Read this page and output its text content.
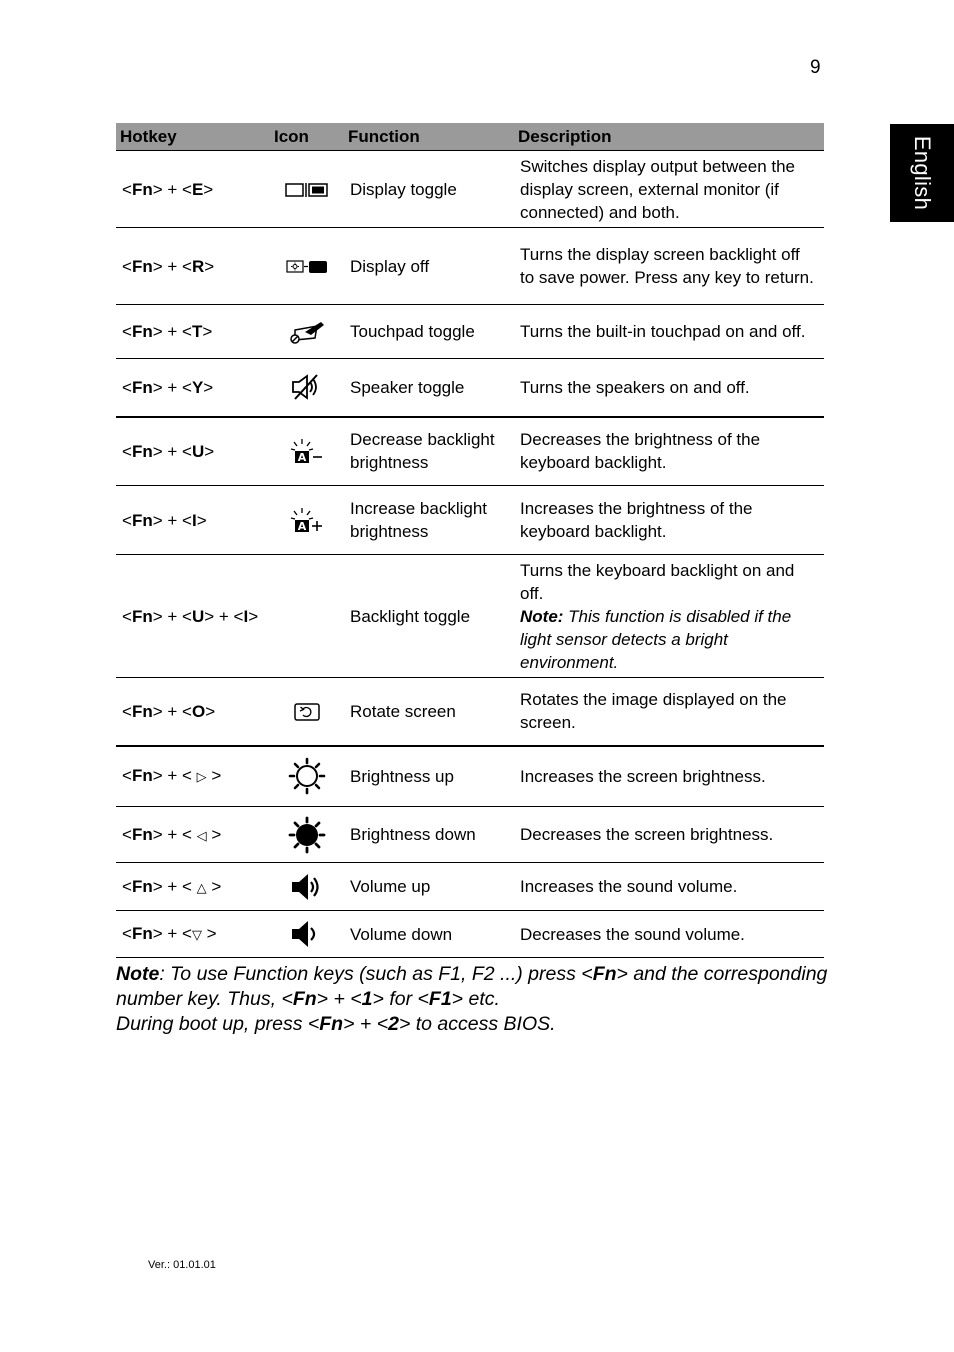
9
English
Hotkey	Icon	Function	Description
<Fn> + <E>		Display toggle	Switches display output between the display screen, external monitor (if connected) and both.
<Fn> + <R>		Display off	Turns the display screen backlight off to save power. Press any key to return.
<Fn> + <T>		Touchpad toggle	Turns the built-in touchpad on and off.
<Fn> + <Y>		Speaker toggle	Turns the speakers on and off.
<Fn> + <U>	A	Decrease backlight brightness	Decreases the brightness of the keyboard backlight.
<Fn> + <I>	A	Increase backlight brightness	Increases the brightness of the keyboard backlight.
<Fn> + <U> + <I>		Backlight toggle	Turns the keyboard backlight on and off.
Note: This function is disabled if the light sensor detects a bright environment.
<Fn> + <O>		Rotate screen	Rotates the image displayed on the screen.
<Fn> + < ▷ >		Brightness up	Increases the screen brightness.
<Fn> + < ◁ >		Brightness down	Decreases the screen brightness.
<Fn> + < △ >		Volume up	Increases the sound volume.
<Fn> + <▽ >		Volume down	Decreases the sound volume.
Note: To use Function keys (such as F1, F2 ...) press <Fn> and the corresponding number key. Thus, <Fn> + <1> for <F1> etc.
During boot up, press <Fn> + <2> to access BIOS.
Ver.: 01.01.01
